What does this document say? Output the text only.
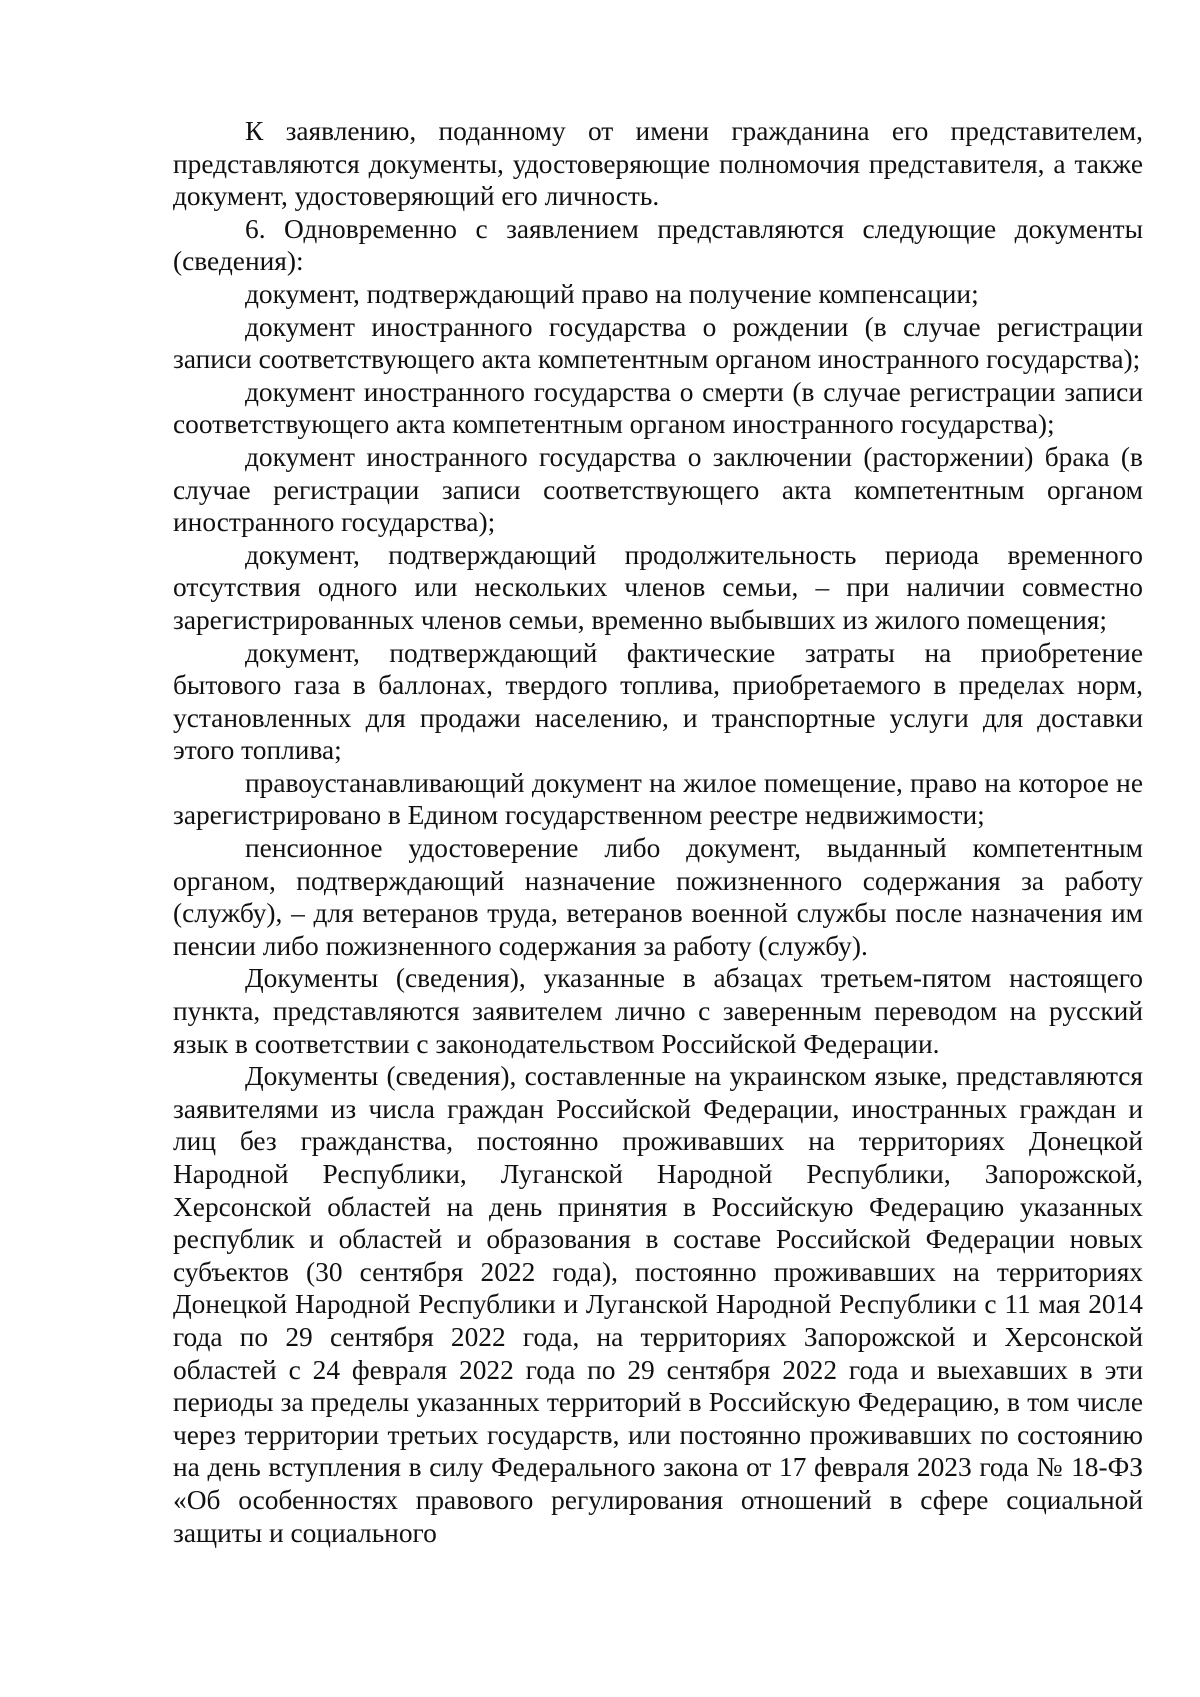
К заявлению, поданному от имени гражданина его представителем, представляются документы, удостоверяющие полномочия представителя, а также документ, удостоверяющий его личность.

6. Одновременно с заявлением представляются следующие документы (сведения):

документ, подтверждающий право на получение компенсации;

документ иностранного государства о рождении (в случае регистрации записи соответствующего акта компетентным органом иностранного государства);

документ иностранного государства о смерти (в случае регистрации записи соответствующего акта компетентным органом иностранного государства);

документ иностранного государства о заключении (расторжении) брака (в случае регистрации записи соответствующего акта компетентным органом иностранного государства);

документ, подтверждающий продолжительность периода временного отсутствия одного или нескольких членов семьи, – при наличии совместно зарегистрированных членов семьи, временно выбывших из жилого помещения;

документ, подтверждающий фактические затраты на приобретение бытового газа в баллонах, твердого топлива, приобретаемого в пределах норм, установленных для продажи населению, и транспортные услуги для доставки этого топлива;

правоустанавливающий документ на жилое помещение, право на которое не зарегистрировано в Едином государственном реестре недвижимости;

пенсионное удостоверение либо документ, выданный компетентным органом, подтверждающий назначение пожизненного содержания за работу (службу), – для ветеранов труда, ветеранов военной службы после назначения им пенсии либо пожизненного содержания за работу (службу).

Документы (сведения), указанные в абзацах третьем-пятом настоящего пункта, представляются заявителем лично с заверенным переводом на русский язык в соответствии с законодательством Российской Федерации.

Документы (сведения), составленные на украинском языке, представляются заявителями из числа граждан Российской Федерации, иностранных граждан и лиц без гражданства, постоянно проживавших на территориях Донецкой Народной Республики, Луганской Народной Республики, Запорожской, Херсонской областей на день принятия в Российскую Федерацию указанных республик и областей и образования в составе Российской Федерации новых субъектов (30 сентября 2022 года), постоянно проживавших на территориях Донецкой Народной Республики и Луганской Народной Республики с 11 мая 2014 года по 29 сентября 2022 года, на территориях Запорожской и Херсонской областей с 24 февраля 2022 года по 29 сентября 2022 года и выехавших в эти периоды за пределы указанных территорий в Российскую Федерацию, в том числе через территории третьих государств, или постоянно проживавших по состоянию на день вступления в силу Федерального закона от 17 февраля 2023 года № 18-ФЗ «Об особенностях правового регулирования отношений в сфере социальной защиты и социального
